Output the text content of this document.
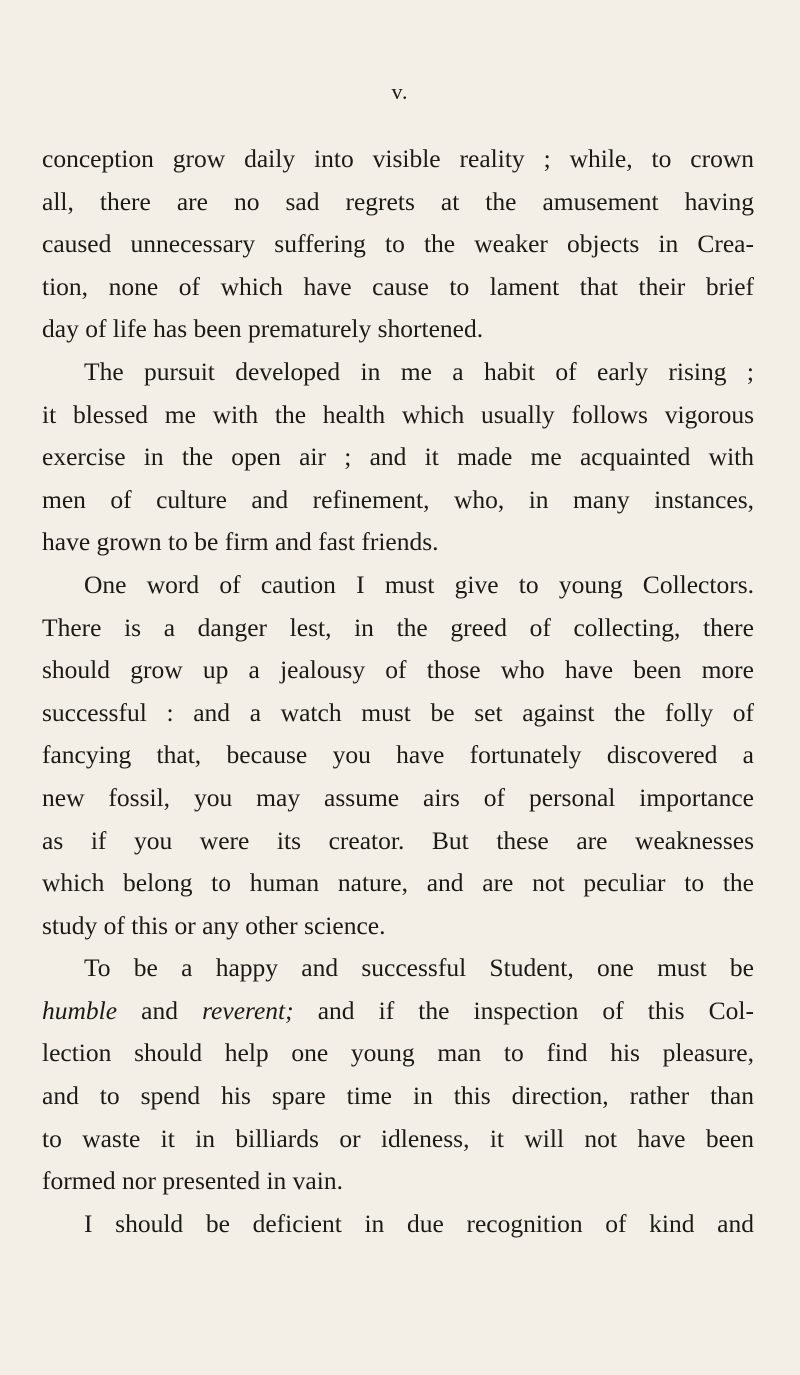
v.
conception grow daily into visible reality ; while, to crown
all, there are no sad regrets at the amusement having
caused unnecessary suffering to the weaker objects in Crea-
tion, none of which have cause to lament that their brief
day of life has been prematurely shortened.
The pursuit developed in me a habit of early rising ;
it blessed me with the health which usually follows vigorous
exercise in the open air ; and it made me acquainted with
men of culture and refinement, who, in many instances,
have grown to be firm and fast friends.
One word of caution I must give to young Collectors.
There is a danger lest, in the greed of collecting, there
should grow up a jealousy of those who have been more
successful : and a watch must be set against the folly of
fancying that, because you have fortunately discovered a
new fossil, you may assume airs of personal importance
as if you were its creator. But these are weaknesses
which belong to human nature, and are not peculiar to the
study of this or any other science.
To be a happy and successful Student, one must be
humble and reverent; and if the inspection of this Col-
lection should help one young man to find his pleasure,
and to spend his spare time in this direction, rather than
to waste it in billiards or idleness, it will not have been
formed nor presented in vain.
I should be deficient in due recognition of kind and
